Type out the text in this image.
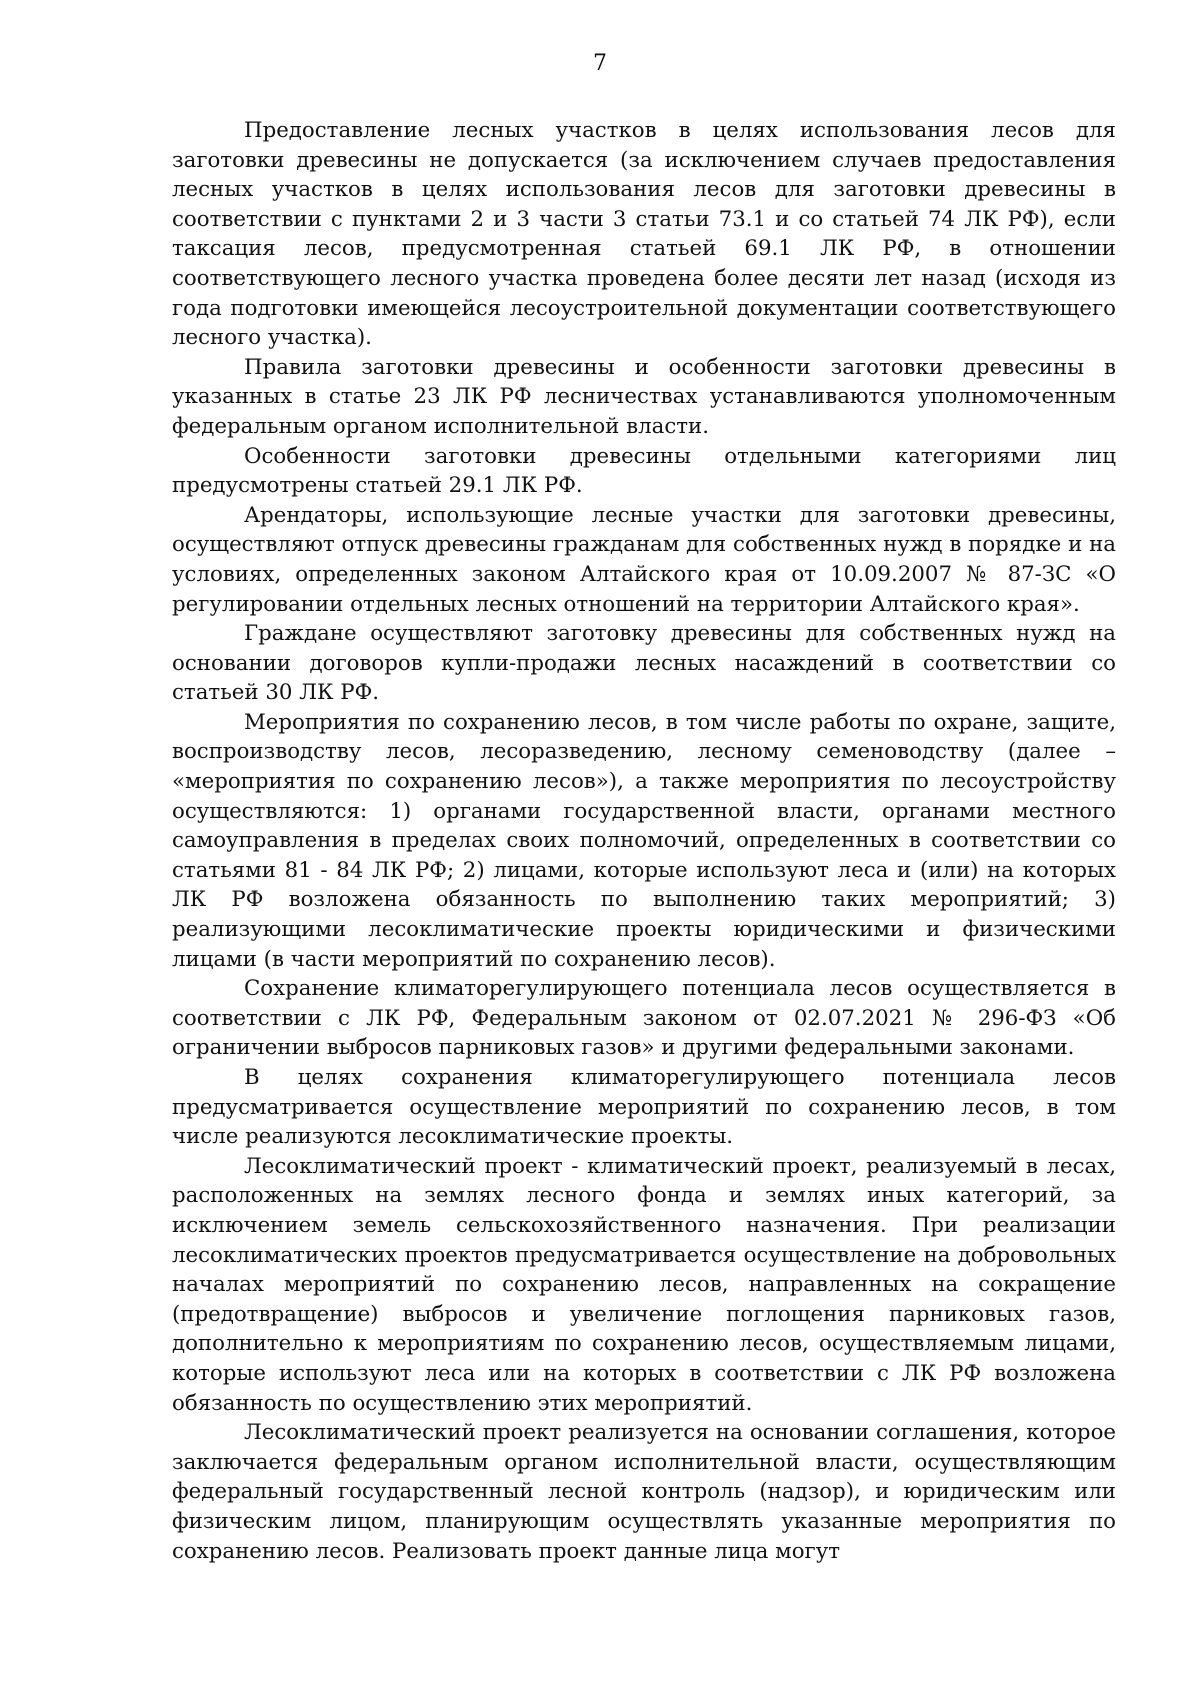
7

Предоставление лесных участков в целях использования лесов для заготовки древесины не допускается (за исключением случаев предоставления лесных участков в целях использования лесов для заготовки древесины в соответствии с пунктами 2 и 3 части 3 статьи 73.1 и со статьей 74 ЛК РФ), если таксация лесов, предусмотренная статьей 69.1 ЛК РФ, в отношении соответствующего лесного участка проведена более десяти лет назад (исходя из года подготовки имеющейся лесоустроительной документации соответствующего лесного участка).

Правила заготовки древесины и особенности заготовки древесины в указанных в статье 23 ЛК РФ лесничествах устанавливаются уполномоченным федеральным органом исполнительной власти.

Особенности заготовки древесины отдельными категориями лиц предусмотрены статьей 29.1 ЛК РФ.

Арендаторы, использующие лесные участки для заготовки древесины, осуществляют отпуск древесины гражданам для собственных нужд в порядке и на условиях, определенных законом Алтайского края от 10.09.2007 № 87-ЗС «О регулировании отдельных лесных отношений на территории Алтайского края».

Граждане осуществляют заготовку древесины для собственных нужд на основании договоров купли-продажи лесных насаждений в соответствии со статьей 30 ЛК РФ.

Мероприятия по сохранению лесов, в том числе работы по охране, защите, воспроизводству лесов, лесоразведению, лесному семеноводству (далее – «мероприятия по сохранению лесов»), а также мероприятия по лесоустройству осуществляются: 1) органами государственной власти, органами местного самоуправления в пределах своих полномочий, определенных в соответствии со статьями 81 - 84 ЛК РФ; 2) лицами, которые используют леса и (или) на которых ЛК РФ возложена обязанность по выполнению таких мероприятий; 3) реализующими лесоклиматические проекты юридическими и физическими лицами (в части мероприятий по сохранению лесов).

Сохранение климаторегулирующего потенциала лесов осуществляется в соответствии с ЛК РФ, Федеральным законом от 02.07.2021 № 296-ФЗ «Об ограничении выбросов парниковых газов» и другими федеральными законами.

В целях сохранения климаторегулирующего потенциала лесов предусматривается осуществление мероприятий по сохранению лесов, в том числе реализуются лесоклиматические проекты.

Лесоклиматический проект - климатический проект, реализуемый в лесах, расположенных на землях лесного фонда и землях иных категорий, за исключением земель сельскохозяйственного назначения. При реализации лесоклиматических проектов предусматривается осуществление на добровольных началах мероприятий по сохранению лесов, направленных на сокращение (предотвращение) выбросов и увеличение поглощения парниковых газов, дополнительно к мероприятиям по сохранению лесов, осуществляемым лицами, которые используют леса или на которых в соответствии с ЛК РФ возложена обязанность по осуществлению этих мероприятий.

Лесоклиматический проект реализуется на основании соглашения, которое заключается федеральным органом исполнительной власти, осуществляющим федеральный государственный лесной контроль (надзор), и юридическим или физическим лицом, планирующим осуществлять указанные мероприятия по сохранению лесов. Реализовать проект данные лица могут
